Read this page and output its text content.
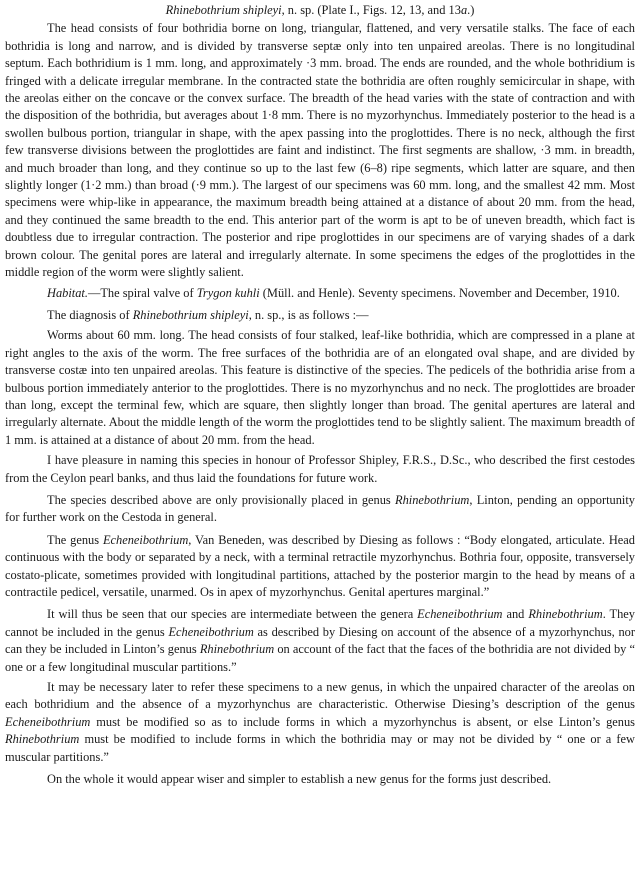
Rhinebothrium shipleyi, n. sp. (Plate I., Figs. 12, 13, and 13a.)

The head consists of four bothridia borne on long, triangular, flattened, and very versatile stalks. The face of each bothridia is long and narrow, and is divided by transverse septæ only into ten unpaired areolas. There is no longitudinal septum. Each bothridium is 1 mm. long, and approximately ·3 mm. broad. The ends are rounded, and the whole bothridium is fringed with a delicate irregular membrane. In the contracted state the bothridia are often roughly semicircular in shape, with the areolas either on the concave or the convex surface. The breadth of the head varies with the state of contraction and with the disposition of the bothridia, but averages about 1·8 mm. There is no myzorhynchus. Immediately posterior to the head is a swollen bulbous portion, triangular in shape, with the apex passing into the proglottides. There is no neck, although the first few transverse divisions between the proglottides are faint and indistinct. The first segments are shallow, ·3 mm. in breadth, and much broader than long, and they continue so up to the last few (6–8) ripe segments, which latter are square, and then slightly longer (1·2 mm.) than broad (·9 mm.). The largest of our specimens was 60 mm. long, and the smallest 42 mm. Most specimens were whip-like in appearance, the maximum breadth being attained at a distance of about 20 mm. from the head, and they continued the same breadth to the end. This anterior part of the worm is apt to be of uneven breadth, which fact is doubtless due to irregular contraction. The posterior and ripe proglottides in our specimens are of varying shades of a dark brown colour. The genital pores are lateral and irregularly alternate. In some specimens the edges of the proglottides in the middle region of the worm were slightly salient.

Habitat.—The spiral valve of Trygon kuhli (Müll. and Henle). Seventy specimens. November and December, 1910.

The diagnosis of Rhinebothrium shipleyi, n. sp., is as follows :—

Worms about 60 mm. long. The head consists of four stalked, leaf-like bothridia, which are compressed in a plane at right angles to the axis of the worm. The free surfaces of the bothridia are of an elongated oval shape, and are divided by transverse costæ into ten unpaired areolas. This feature is distinctive of the species. The pedicels of the bothridia arise from a bulbous portion immediately anterior to the proglottides. There is no myzorhynchus and no neck. The proglottides are broader than long, except the terminal few, which are square, then slightly longer than broad. The genital apertures are lateral and irregularly alternate. About the middle length of the worm the proglottides tend to be slightly salient. The maximum breadth of 1 mm. is attained at a distance of about 20 mm. from the head.

I have pleasure in naming this species in honour of Professor Shipley, F.R.S., D.Sc., who described the first cestodes from the Ceylon pearl banks, and thus laid the foundations for future work.

The species described above are only provisionally placed in genus Rhinebothrium, Linton, pending an opportunity for further work on the Cestoda in general.

The genus Echeneibothrium, Van Beneden, was described by Diesing as follows : “Body elongated, articulate. Head continuous with the body or separated by a neck, with a terminal retractile myzorhynchus. Bothria four, opposite, transversely costato-plicate, sometimes provided with longitudinal partitions, attached by the posterior margin to the head by means of a contractile pedicel, versatile, unarmed. Os in apex of myzorhynchus. Genital apertures marginal.”

It will thus be seen that our species are intermediate between the genera Echeneibothrium and Rhinebothrium. They cannot be included in the genus Echeneibothrium as described by Diesing on account of the absence of a myzorhynchus, nor can they be included in Linton’s genus Rhinebothrium on account of the fact that the faces of the bothridia are not divided by “ one or a few longitudinal muscular partitions.”

It may be necessary later to refer these specimens to a new genus, in which the unpaired character of the areolas on each bothridium and the absence of a myzorhynchus are characteristic. Otherwise Diesing’s description of the genus Echeneibothrium must be modified so as to include forms in which a myzorhynchus is absent, or else Linton’s genus Rhinebothrium must be modified to include forms in which the bothridia may or may not be divided by “ one or a few muscular partitions.”

On the whole it would appear wiser and simpler to establish a new genus for the forms just described.
